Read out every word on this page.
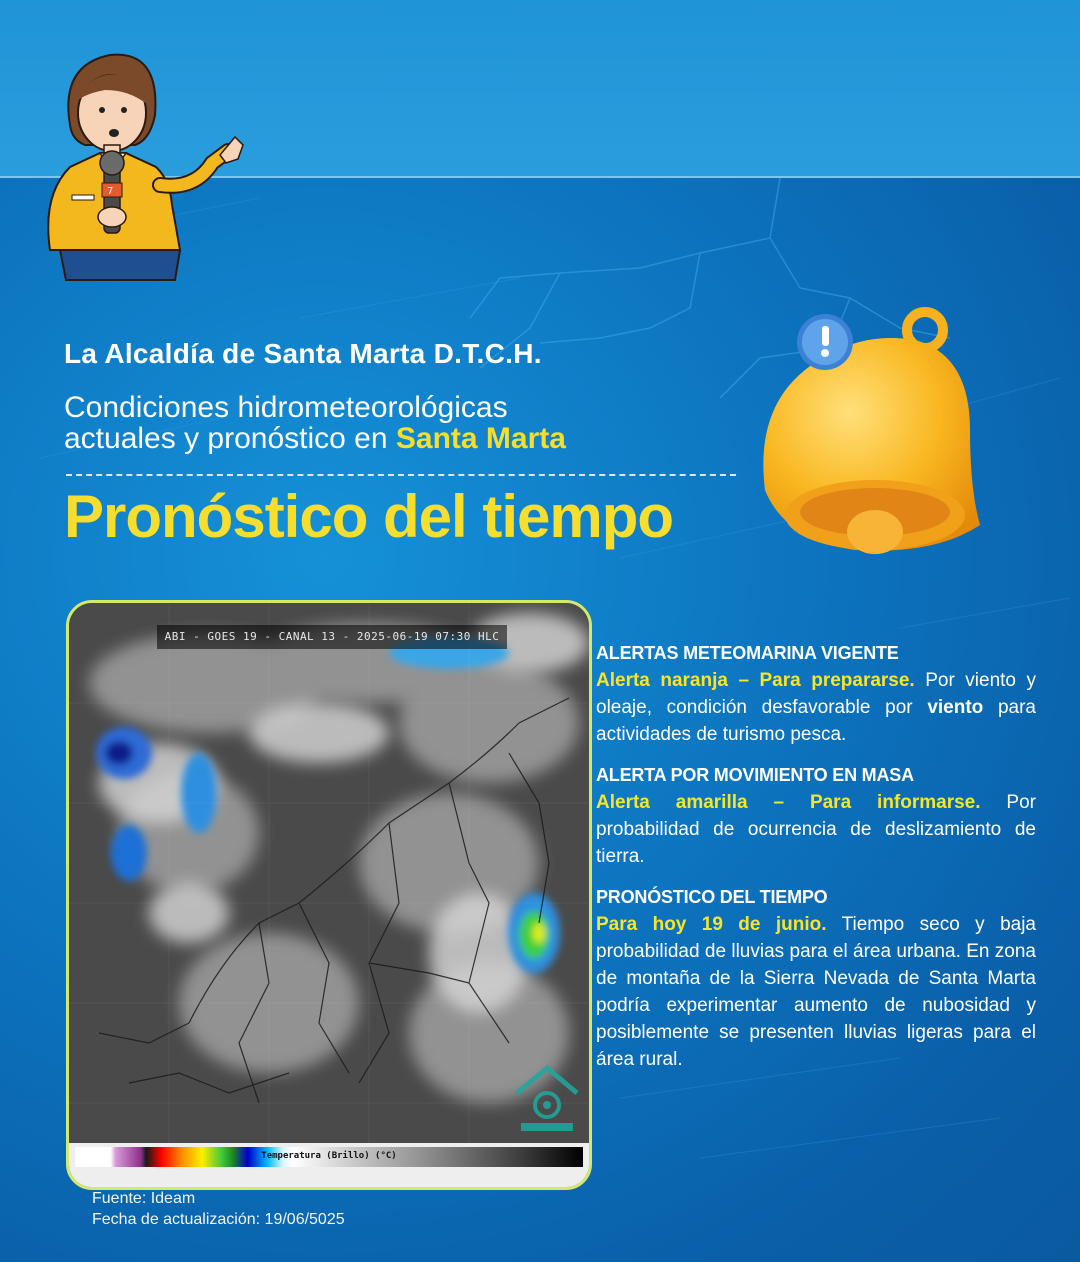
7
La Alcaldía de Santa Marta D.T.C.H.
Condiciones hidrometeorológicas
actuales y pronóstico en Santa Marta
Pronóstico del tiempo
ABI - GOES 19 - CANAL 13 - 2025-06-19 07:30 HLC
Temperatura (Brillo) (°C)
ALERTAS METEOMARINA VIGENTE
Alerta naranja – Para prepararse. Por viento y oleaje, condición desfavorable por viento para actividades de turismo pesca.
ALERTA POR MOVIMIENTO EN MASA
Alerta amarilla – Para informarse. Por probabilidad de ocurrencia de deslizamiento de tierra.
PRONÓSTICO DEL TIEMPO
Para hoy 19 de junio. Tiempo seco y baja probabilidad de lluvias para el área urbana. En zona de montaña de la Sierra Nevada de Santa Marta podría experimentar aumento de nubosidad y posiblemente se presenten lluvias ligeras para el área rural.
Fuente: Ideam
Fecha de actualización: 19/06/5025
